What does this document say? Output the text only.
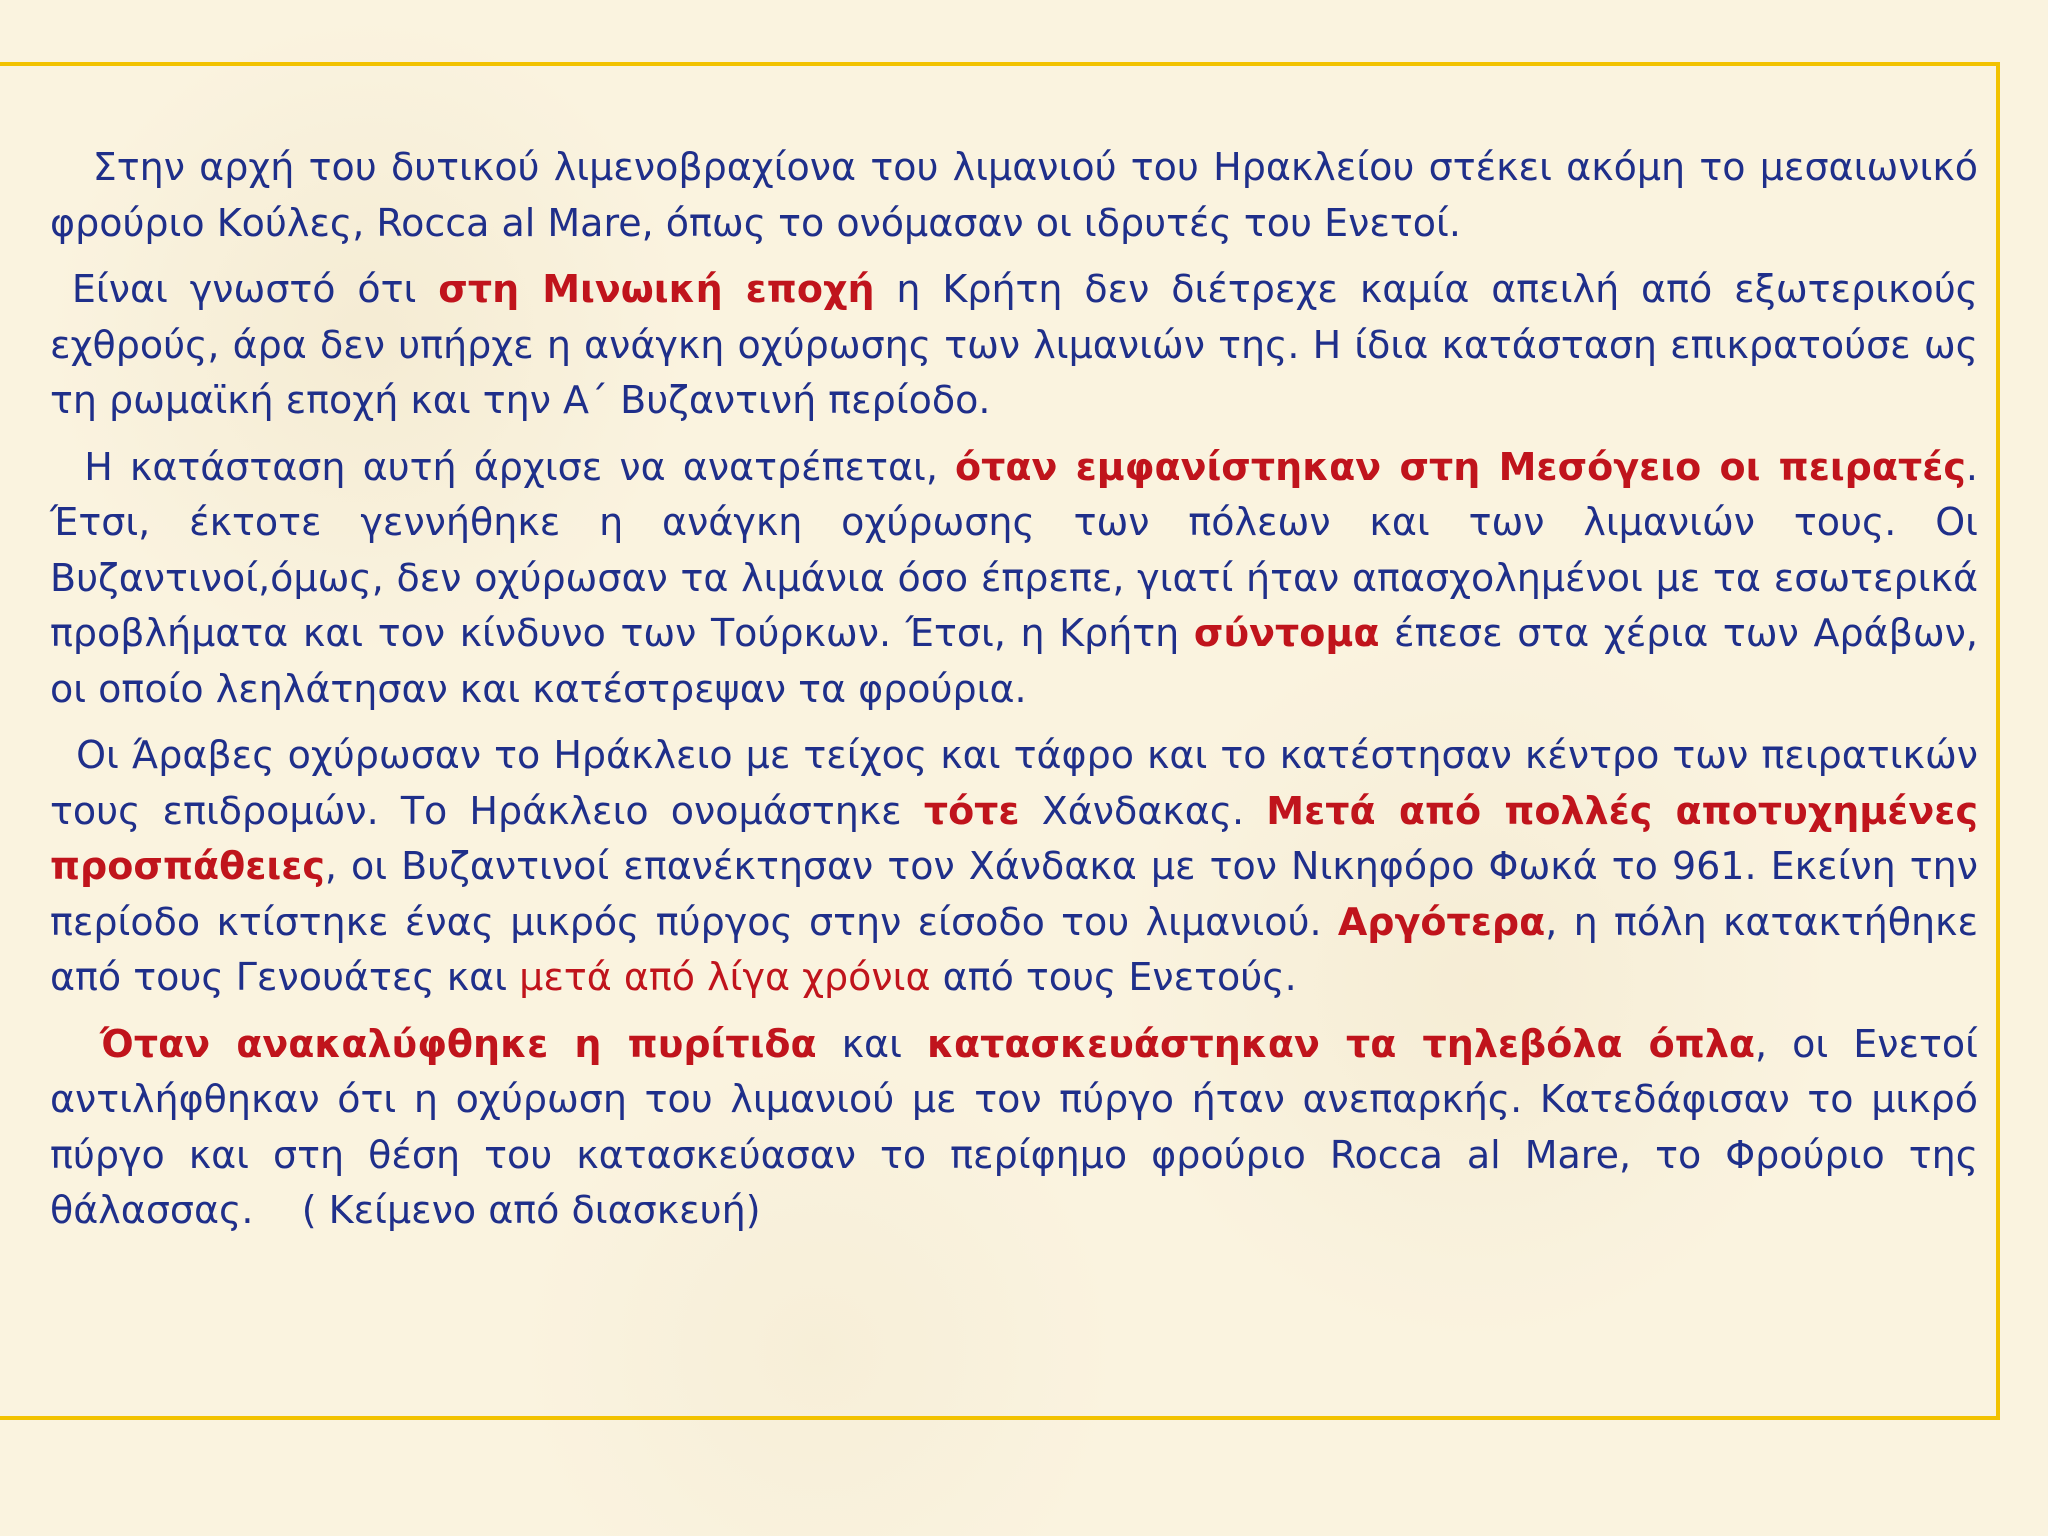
Στην αρχή του δυτικού λιμενοβραχίονα του λιμανιού του Ηρακλείου στέκει ακόμη το μεσαιωνικό φρούριο Κούλες, Rocca al Mare, όπως το ονόμασαν οι ιδρυτές του Ενετοί.

Είναι γνωστό ότι στη Μινωική εποχή η Κρήτη δεν διέτρεχε καμία απειλή από εξωτερικούς εχθρούς, άρα δεν υπήρχε η ανάγκη οχύρωσης των λιμανιών της. Η ίδια κατάσταση επικρατούσε ως τη ρωμαϊκή εποχή και την Α΄ Βυζαντινή περίοδο.

Η κατάσταση αυτή άρχισε να ανατρέπεται, όταν εμφανίστηκαν στη Μεσόγειο οι πειρατές. Έτσι, έκτοτε γεννήθηκε η ανάγκη οχύρωσης των πόλεων και των λιμανιών τους. Οι Βυζαντινοί,όμως, δεν οχύρωσαν τα λιμάνια όσο έπρεπε, γιατί ήταν απασχολημένοι με τα εσωτερικά προβλήματα και τον κίνδυνο των Τούρκων. Έτσι, η Κρήτη σύντομα έπεσε στα χέρια των Αράβων, οι οποίο λεηλάτησαν και κατέστρεψαν τα φρούρια.

Οι Άραβες οχύρωσαν το Ηράκλειο με τείχος και τάφρο και το κατέστησαν κέντρο των πειρατικών τους επιδρομών. Το Ηράκλειο ονομάστηκε τότε Χάνδακας. Μετά από πολλές αποτυχημένες προσπάθειες, οι Βυζαντινοί επανέκτησαν τον Χάνδακα με τον Νικηφόρο Φωκά το 961. Εκείνη την περίοδο κτίστηκε ένας μικρός πύργος στην είσοδο του λιμανιού. Αργότερα, η πόλη κατακτήθηκε από τους Γενουάτες και μετά από λίγα χρόνια από τους Ενετούς.

Όταν ανακαλύφθηκε η πυρίτιδα και κατασκευάστηκαν τα τηλεβόλα όπλα, οι Ενετοί αντιλήφθηκαν ότι η οχύρωση του λιμανιού με τον πύργο ήταν ανεπαρκής. Κατεδάφισαν το μικρό πύργο και στη θέση του κατασκεύασαν το περίφημο φρούριο Rocca al Mare, το Φρούριο της θάλασσας.    ( Κείμενο από διασκευή)
